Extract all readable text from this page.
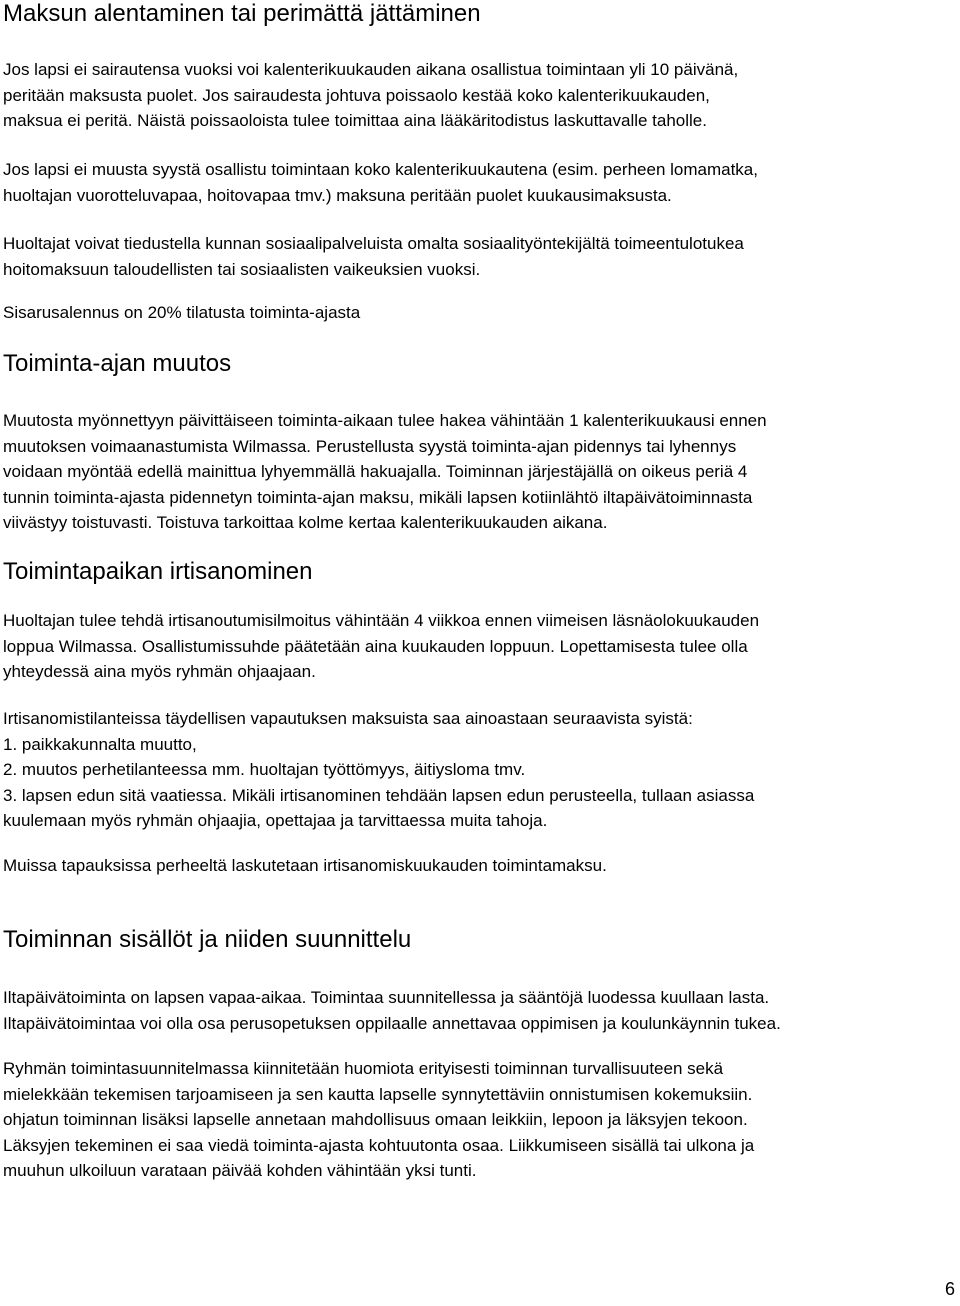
Maksun alentaminen tai perimättä jättäminen

Jos lapsi ei sairautensa vuoksi voi kalenterikuukauden aikana osallistua toimintaan yli 10 päivänä,
peritään maksusta puolet. Jos sairaudesta johtuva poissaolo kestää koko kalenterikuukauden,
maksua ei peritä. Näistä poissaoloista tulee toimittaa aina lääkäritodistus laskuttavalle taholle.

Jos lapsi ei muusta syystä osallistu toimintaan koko kalenterikuukautena (esim. perheen lomamatka,
huoltajan vuorotteluvapaa, hoitovapaa tmv.) maksuna peritään puolet kuukausimaksusta.

Huoltajat voivat tiedustella kunnan sosiaalipalveluista omalta sosiaalityöntekijältä toimeentulotukea
hoitomaksuun taloudellisten tai sosiaalisten vaikeuksien vuoksi.

Sisarusalennus on 20% tilatusta toiminta-ajasta

Toiminta-ajan muutos

Muutosta myönnettyyn päivittäiseen toiminta-aikaan tulee hakea vähintään 1 kalenterikuukausi ennen
muutoksen voimaanastumista Wilmassa. Perustellusta syystä toiminta-ajan pidennys tai lyhennys
voidaan myöntää edellä mainittua lyhyemmällä hakuajalla. Toiminnan järjestäjällä on oikeus periä 4
tunnin toiminta-ajasta pidennetyn toiminta-ajan maksu, mikäli lapsen kotiinlähtö iltapäivätoiminnasta
viivästyy toistuvasti. Toistuva tarkoittaa kolme kertaa kalenterikuukauden aikana.

Toimintapaikan irtisanominen

Huoltajan tulee tehdä irtisanoutumisilmoitus vähintään 4 viikkoa ennen viimeisen läsnäolokuukauden
loppua Wilmassa. Osallistumissuhde päätetään aina kuukauden loppuun. Lopettamisesta tulee olla
yhteydessä aina myös ryhmän ohjaajaan.

Irtisanomistilanteissa täydellisen vapautuksen maksuista saa ainoastaan seuraavista syistä:
1. paikkakunnalta muutto,
2. muutos perhetilanteessa mm. huoltajan työttömyys, äitiysloma tmv.
3. lapsen edun sitä vaatiessa. Mikäli irtisanominen tehdään lapsen edun perusteella, tullaan asiassa
kuulemaan myös ryhmän ohjaajia, opettajaa ja tarvittaessa muita tahoja.

Muissa tapauksissa perheeltä laskutetaan irtisanomiskuukauden toimintamaksu.

Toiminnan sisällöt ja niiden suunnittelu

Iltapäivätoiminta on lapsen vapaa-aikaa. Toimintaa suunnitellessa ja sääntöjä luodessa kuullaan lasta.
Iltapäivätoimintaa voi olla osa perusopetuksen oppilaalle annettavaa oppimisen ja koulunkäynnin tukea.

Ryhmän toimintasuunnitelmassa kiinnitetään huomiota erityisesti toiminnan turvallisuuteen sekä
mielekkään tekemisen tarjoamiseen ja sen kautta lapselle synnytettäviin onnistumisen kokemuksiin.
ohjatun toiminnan lisäksi lapselle annetaan mahdollisuus omaan leikkiin, lepoon ja läksyjen tekoon.
Läksyjen tekeminen ei saa viedä toiminta-ajasta kohtuutonta osaa. Liikkumiseen sisällä tai ulkona ja
muuhun ulkoiluun varataan päivää kohden vähintään yksi tunti.

6
